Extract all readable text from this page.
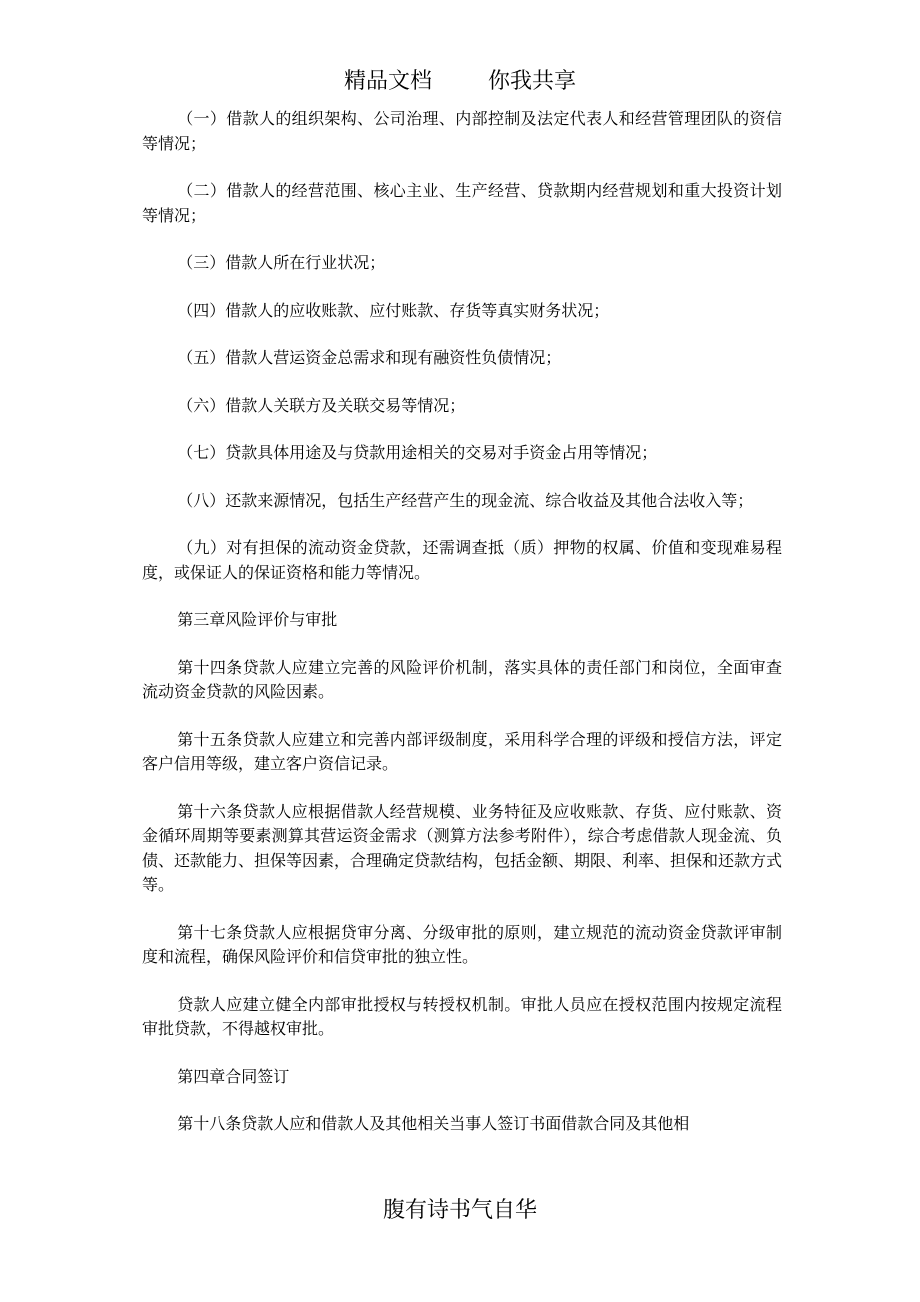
精品文档	你我共享

（一）借款人的组织架构、公司治理、内部控制及法定代表人和经营管理团队的资信等情况；

（二）借款人的经营范围、核心主业、生产经营、贷款期内经营规划和重大投资计划等情况；

（三）借款人所在行业状况；

（四）借款人的应收账款、应付账款、存货等真实财务状况；

（五）借款人营运资金总需求和现有融资性负债情况；

（六）借款人关联方及关联交易等情况；

（七）贷款具体用途及与贷款用途相关的交易对手资金占用等情况；

（八）还款来源情况，包括生产经营产生的现金流、综合收益及其他合法收入等；

（九）对有担保的流动资金贷款，还需调查抵（质）押物的权属、价值和变现难易程度，或保证人的保证资格和能力等情况。

第三章风险评价与审批

第十四条贷款人应建立完善的风险评价机制，落实具体的责任部门和岗位，全面审查流动资金贷款的风险因素。

第十五条贷款人应建立和完善内部评级制度，采用科学合理的评级和授信方法，评定客户信用等级，建立客户资信记录。

第十六条贷款人应根据借款人经营规模、业务特征及应收账款、存货、应付账款、资金循环周期等要素测算其营运资金需求（测算方法参考附件），综合考虑借款人现金流、负债、还款能力、担保等因素，合理确定贷款结构，包括金额、期限、利率、担保和还款方式等。

第十七条贷款人应根据贷审分离、分级审批的原则，建立规范的流动资金贷款评审制度和流程，确保风险评价和信贷审批的独立性。

贷款人应建立健全内部审批授权与转授权机制。审批人员应在授权范围内按规定流程审批贷款，不得越权审批。

第四章合同签订

第十八条贷款人应和借款人及其他相关当事人签订书面借款合同及其他相

腹有诗书气自华
